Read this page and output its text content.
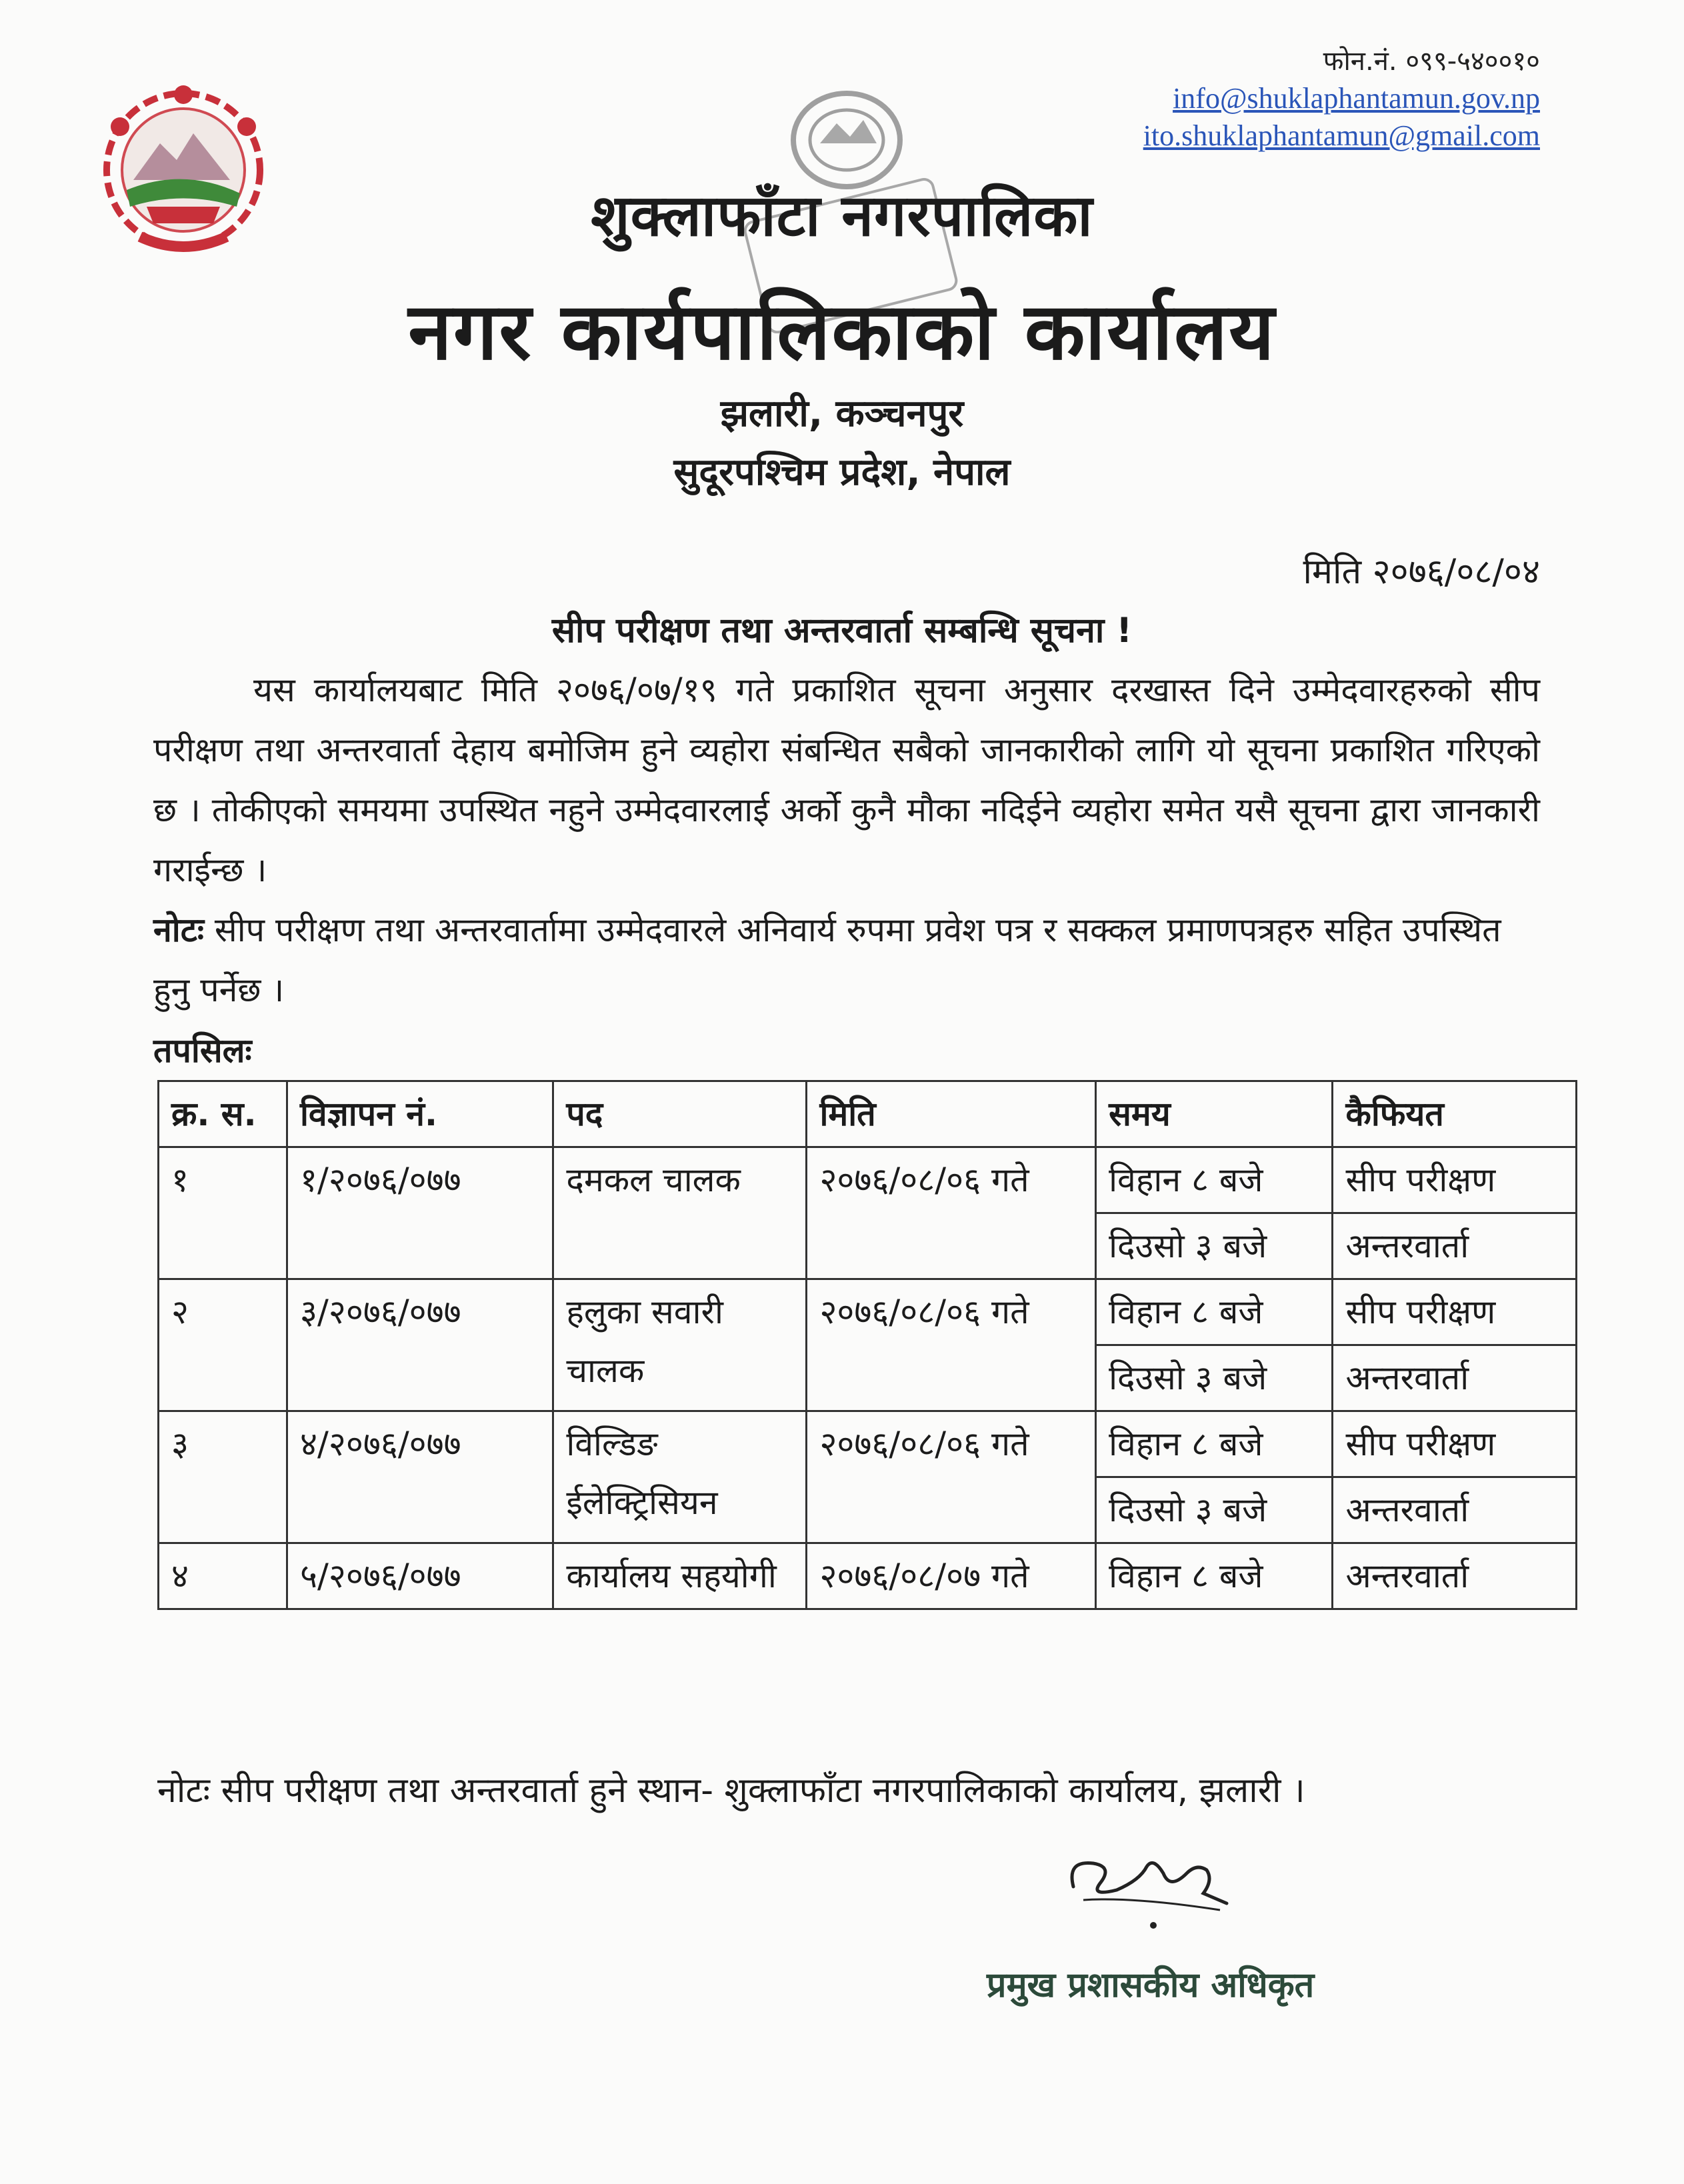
फोन.नं. ०९९-५४००१०
info@shuklaphantamun.gov.np
ito.shuklaphantamun@gmail.com
शुक्लाफाँटा नगरपालिका
नगर कार्यपालिकाको कार्यालय
झलारी, कञ्चनपुर
सुदूरपश्चिम प्रदेश, नेपाल
मिति २०७६/०८/०४
सीप परीक्षण तथा अन्तरवार्ता सम्बन्धि सूचना !
यस कार्यालयबाट मिति २०७६/०७/१९ गते प्रकाशित सूचना अनुसार दरखास्त दिने उम्मेदवारहरुको सीप परीक्षण तथा अन्तरवार्ता देहाय बमोजिम हुने व्यहोरा संबन्धित सबैको जानकारीको लागि यो सूचना प्रकाशित गरिएको छ । तोकीएको समयमा उपस्थित नहुने उम्मेदवारलाई अर्को कुनै मौका नदिईने व्यहोरा समेत यसै सूचना द्वारा जानकारी गराईन्छ ।
नोटः सीप परीक्षण तथा अन्तरवार्तामा उम्मेदवारले अनिवार्य रुपमा प्रवेश पत्र र सक्कल प्रमाणपत्रहरु सहित उपस्थित हुनु पर्नेछ ।
तपसिलः
क्र. स.	विज्ञापन नं.	पद	मिति	समय	कैफियत
१	१/२०७६/०७७	दमकल चालक	२०७६/०८/०६ गते	विहान ८ बजे	सीप परीक्षण
				दिउसो ३ बजे	अन्तरवार्ता
२	३/२०७६/०७७	हलुका सवारी चालक	२०७६/०८/०६ गते	विहान ८ बजे	सीप परीक्षण
				दिउसो ३ बजे	अन्तरवार्ता
३	४/२०७६/०७७	विल्डिङ ईलेक्ट्रिसियन	२०७६/०८/०६ गते	विहान ८ बजे	सीप परीक्षण
				दिउसो ३ बजे	अन्तरवार्ता
४	५/२०७६/०७७	कार्यालय सहयोगी	२०७६/०८/०७ गते	विहान ८ बजे	अन्तरवार्ता
नोटः सीप परीक्षण तथा अन्तरवार्ता हुने स्थान- शुक्लाफाँटा नगरपालिकाको कार्यालय, झलारी ।
प्रमुख प्रशासकीय अधिकृत
